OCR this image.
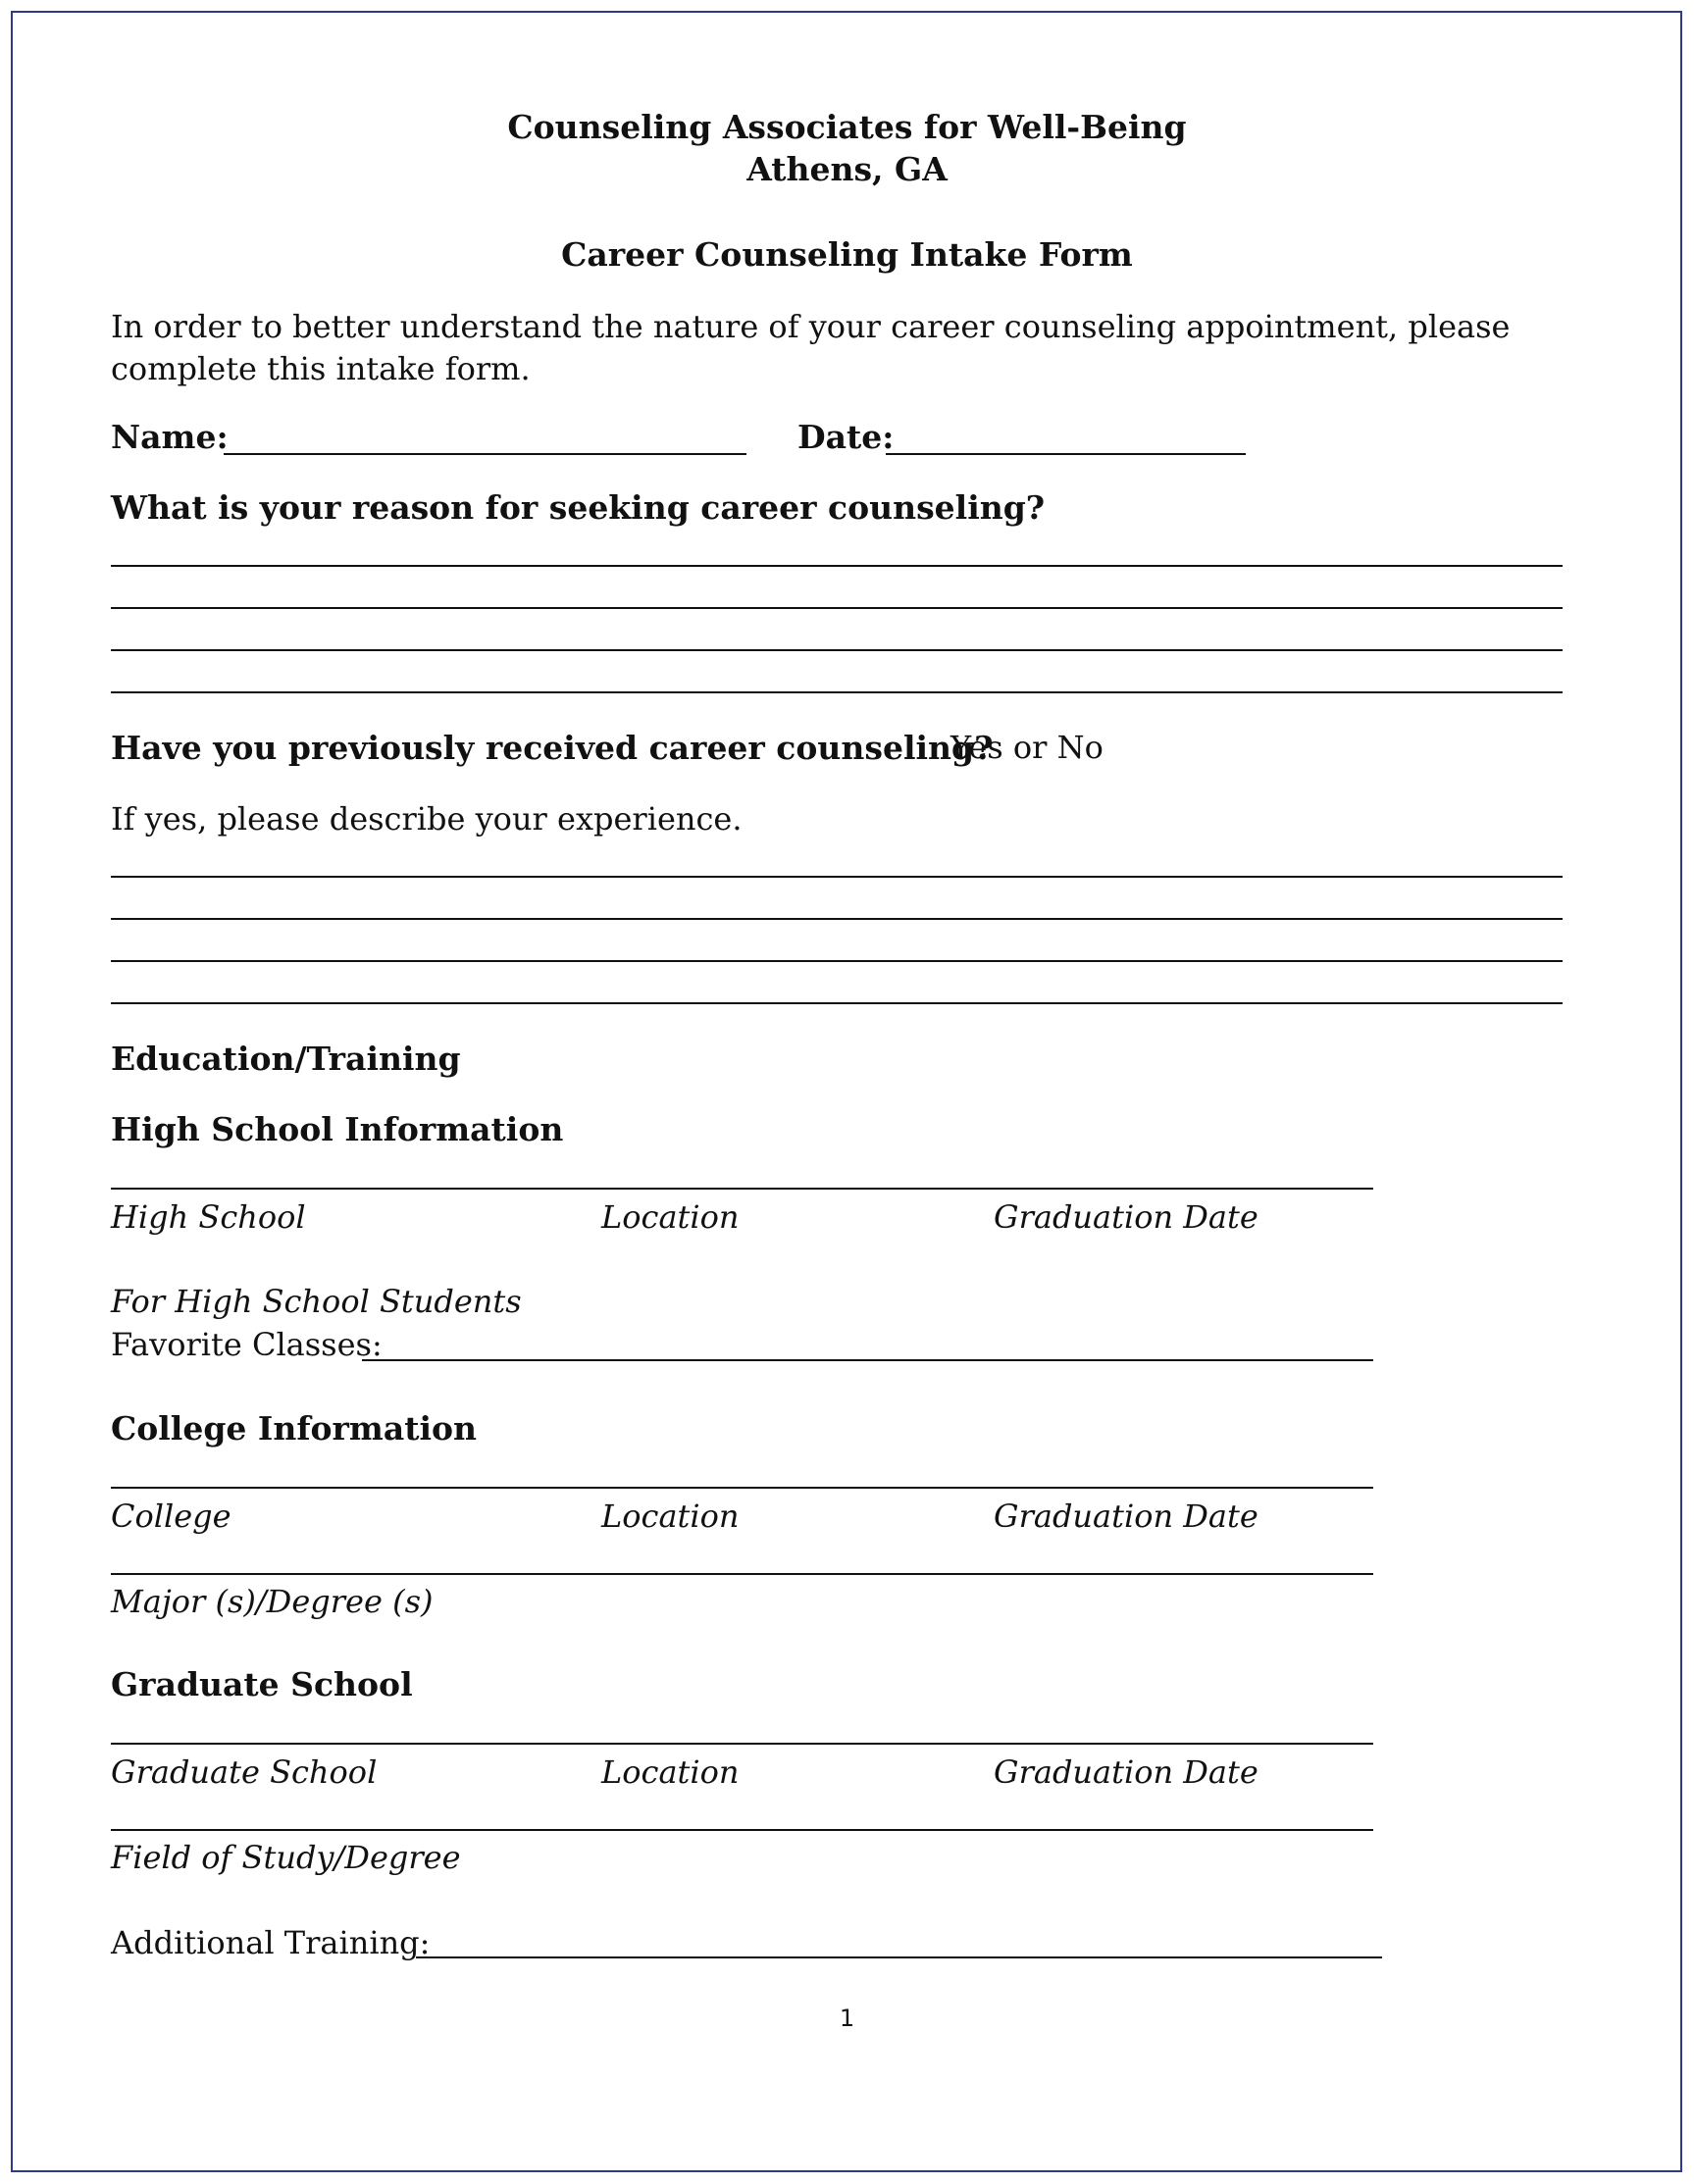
Counseling Associates for Well-Being
Athens, GA
Career Counseling Intake Form
In order to better understand the nature of your career counseling appointment, please complete this intake form.
Name:	Date:
What is your reason for seeking career counseling?
Have you previously received career counseling?
Yes or No
If yes, please describe your experience.
Education/Training
High School Information
High School	Location	Graduation Date
For High School Students
Favorite Classes:
College Information
College	Location	Graduation Date
Major (s)/Degree (s)
Graduate School
Graduate School	Location	Graduation Date
Field of Study/Degree
Additional Training:
1
